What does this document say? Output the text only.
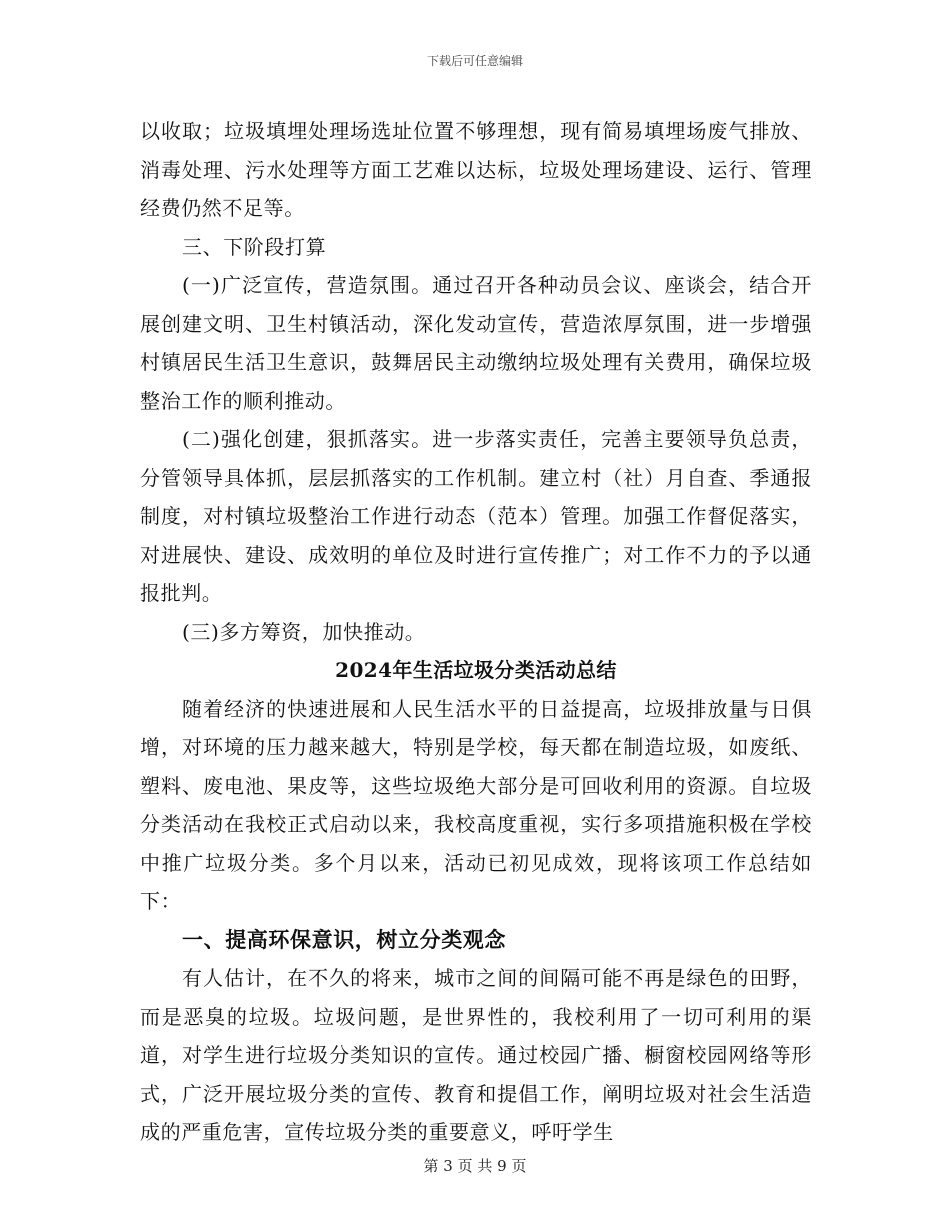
下载后可任意编辑

以收取；垃圾填埋处理场选址位置不够理想，现有简易填埋场废气排放、消毒处理、污水处理等方面工艺难以达标，垃圾处理场建设、运行、管理经费仍然不足等。

三、下阶段打算

(一)广泛宣传，营造氛围。通过召开各种动员会议、座谈会，结合开展创建文明、卫生村镇活动，深化发动宣传，营造浓厚氛围，进一步增强村镇居民生活卫生意识，鼓舞居民主动缴纳垃圾处理有关费用，确保垃圾整治工作的顺利推动。

(二)强化创建，狠抓落实。进一步落实责任，完善主要领导负总责，分管领导具体抓，层层抓落实的工作机制。建立村（社）月自查、季通报制度，对村镇垃圾整治工作进行动态（范本）管理。加强工作督促落实，对进展快、建设、成效明的单位及时进行宣传推广；对工作不力的予以通报批判。

(三)多方筹资，加快推动。

2024年生活垃圾分类活动总结

随着经济的快速进展和人民生活水平的日益提高，垃圾排放量与日俱增，对环境的压力越来越大，特别是学校，每天都在制造垃圾，如废纸、塑料、废电池、果皮等，这些垃圾绝大部分是可回收利用的资源。自垃圾分类活动在我校正式启动以来，我校高度重视，实行多项措施积极在学校中推广垃圾分类。多个月以来，活动已初见成效，现将该项工作总结如下：

一、提高环保意识，树立分类观念

有人估计，在不久的将来，城市之间的间隔可能不再是绿色的田野，而是恶臭的垃圾。垃圾问题，是世界性的，我校利用了一切可利用的渠道，对学生进行垃圾分类知识的宣传。通过校园广播、橱窗校园网络等形式，广泛开展垃圾分类的宣传、教育和提倡工作，阐明垃圾对社会生活造成的严重危害，宣传垃圾分类的重要意义，呼吁学生

第 3 页 共 9 页
